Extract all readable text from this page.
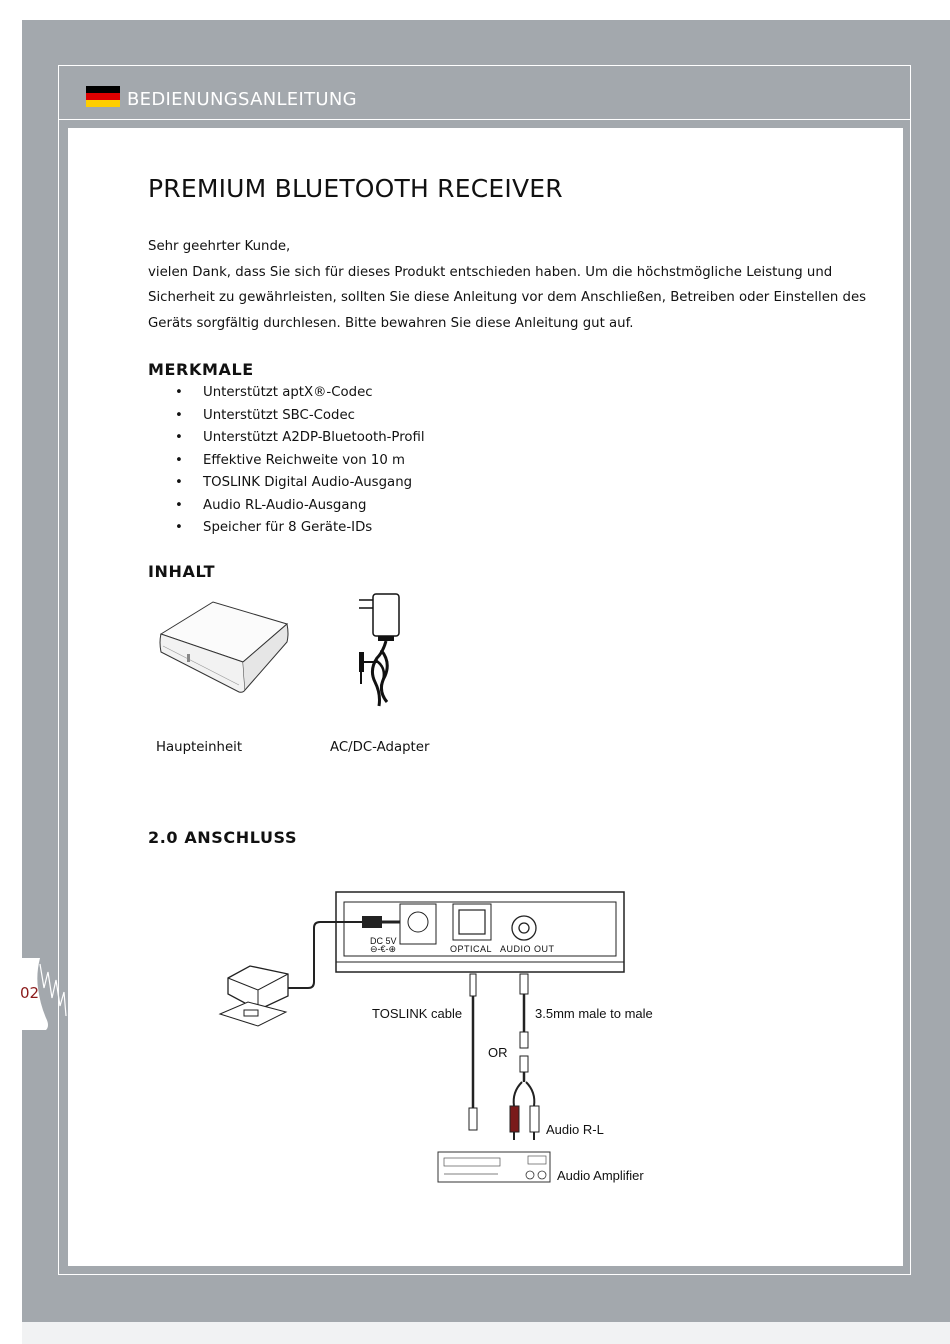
BEDIENUNGSANLEITUNG
PREMIUM BLUETOOTH RECEIVER

Sehr geehrter Kunde,

vielen Dank, dass Sie sich für dieses Produkt entschieden haben. Um die höchstmögliche Leistung und

Sicherheit zu gewährleisten, sollten Sie diese Anleitung vor dem Anschließen, Betreiben oder Einstellen des

Geräts sorgfältig durchlesen. Bitte bewahren Sie diese Anleitung gut auf.

MERKMALE
• Unterstützt aptX®-Codec
• Unterstützt SBC-Codec
• Unterstützt A2DP-Bluetooth-Profil
• Effektive Reichweite von 10 m
• TOSLINK Digital Audio-Ausgang
• Audio RL-Audio-Ausgang
• Speicher für 8 Geräte-IDs
INHALT
Haupteinheit	AC/DC-Adapter
2.0 ANSCHLUSS
DC 5V
⊖-€-⊕	OPTICAL AUDIO OUT
TOSLINK cable	3.5mm male to male
OR
Audio R-L
Audio Amplifier
02
